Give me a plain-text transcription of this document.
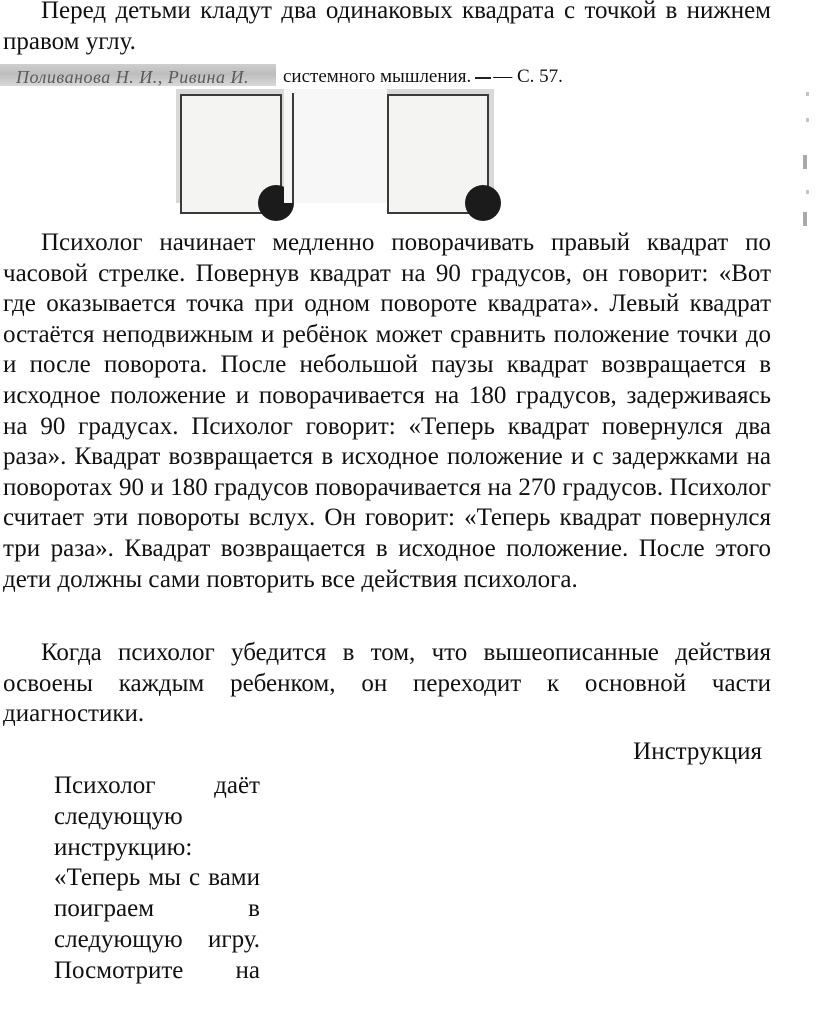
Перед детьми кладут два одинаковых квадрата с точкой в нижнем правом углу.

Поливанова Н. И., Ривина И. системного мышления. — С. 57.

Психолог начинает медленно поворачивать правый квадрат по часовой стрелке. Повернув квадрат на 90 градусов, он говорит: «Вот где оказывается точка при одном повороте квадрата». Левый квадрат остаётся неподвижным и ребёнок может сравнить положение точки до и после поворота. После небольшой паузы квадрат возвращается в исходное положение и поворачивается на 180 градусов, задерживаясь на 90 градусах. Психолог говорит: «Теперь квадрат повернулся два раза». Квадрат возвращается в исходное положение и с задержками на поворотах 90 и 180 градусов поворачивается на 270 градусов. Психолог считает эти повороты вслух. Он говорит: «Теперь квадрат повернулся три раза». Квадрат возвращается в исходное положение. После этого дети должны сами повторить все действия психолога.

Когда психолог убедится в том, что вышеописанные действия освоены каждым ребенком, он переходит к основной части диагностики.

Инструкция

Психолог даёт следующую инструкцию: «Теперь мы с вами поиграем в следующую игру. Посмотрите на
